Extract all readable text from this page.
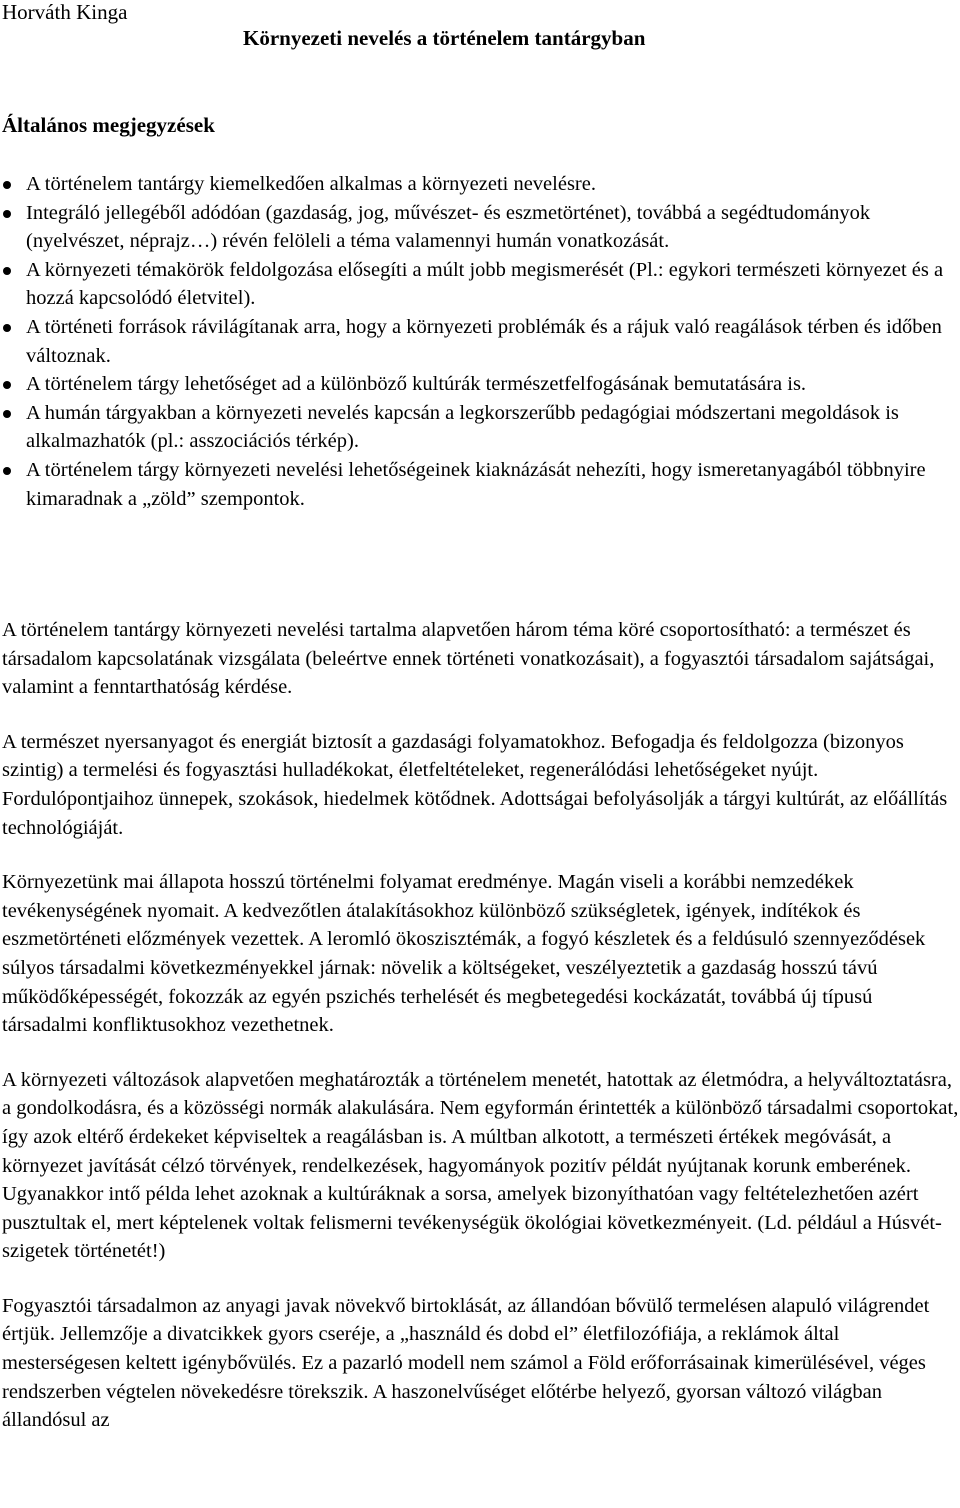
Horváth Kinga
Környezeti nevelés a történelem tantárgyban
Általános megjegyzések
A történelem tantárgy kiemelkedően alkalmas a környezeti nevelésre.
Integráló jellegéből adódóan (gazdaság, jog, művészet- és eszmetörténet), továbbá a segédtudományok (nyelvészet, néprajz…) révén felöleli a téma valamennyi humán vonatkozását.
A környezeti témakörök feldolgozása elősegíti a múlt jobb megismerését (Pl.: egykori természeti környezet és a hozzá kapcsolódó életvitel).
A történeti források rávilágítanak arra, hogy a környezeti problémák és a rájuk való reagálások térben és időben változnak.
A történelem tárgy lehetőséget ad a különböző kultúrák természetfelfogásának bemutatására is.
A humán tárgyakban a környezeti nevelés kapcsán a legkorszerűbb pedagógiai módszertani megoldások is alkalmazhatók (pl.: asszociációs térkép).
A történelem tárgy környezeti nevelési lehetőségeinek kiaknázását nehezíti, hogy ismeretanyagából többnyire kimaradnak a „zöld” szempontok.

A történelem tantárgy környezeti nevelési tartalma alapvetően három téma köré csoportosítható: a természet és társadalom kapcsolatának vizsgálata (beleértve ennek történeti vonatkozásait), a fogyasztói társadalom sajátságai, valamint a fenntarthatóság kérdése.

A természet nyersanyagot és energiát biztosít a gazdasági folyamatokhoz. Befogadja és feldolgozza (bizonyos szintig) a termelési és fogyasztási hulladékokat, életfeltételeket, regenerálódási lehetőségeket nyújt. Fordulópontjaihoz ünnepek, szokások, hiedelmek kötődnek. Adottságai befolyásolják a tárgyi kultúrát, az előállítás technológiáját.

Környezetünk mai állapota hosszú történelmi folyamat eredménye. Magán viseli a korábbi nemzedékek tevékenységének nyomait. A kedvezőtlen átalakításokhoz különböző szükségletek, igények, indítékok és eszmetörténeti előzmények vezettek. A leromló ökoszisztémák, a fogyó készletek és a feldúsuló szennyeződések súlyos társadalmi következményekkel járnak: növelik a költségeket, veszélyeztetik a gazdaság hosszú távú működőképességét, fokozzák az egyén pszichés terhelését és megbetegedési kockázatát, továbbá új típusú társadalmi konfliktusokhoz vezethetnek.

A környezeti változások alapvetően meghatározták a történelem menetét, hatottak az életmódra, a helyváltoztatásra, a gondolkodásra, és a közösségi normák alakulására. Nem egyformán érintették a különböző társadalmi csoportokat, így azok eltérő érdekeket képviseltek a reagálásban is. A múltban alkotott, a természeti értékek megóvását, a környezet javítását célzó törvények, rendelkezések, hagyományok pozitív példát nyújtanak korunk emberének. Ugyanakkor intő példa lehet azoknak a kultúráknak a sorsa, amelyek bizonyíthatóan vagy feltételezhetően azért pusztultak el, mert képtelenek voltak felismerni tevékenységük ökológiai következményeit. (Ld. például a Húsvét-szigetek történetét!)

Fogyasztói társadalmon az anyagi javak növekvő birtoklását, az állandóan bővülő termelésen alapuló világrendet értjük. Jellemzője a divatcikkek gyors cseréje, a „használd és dobd el” életfilozófiája, a reklámok által mesterségesen keltett igénybővülés. Ez a pazarló modell nem számol a Föld erőforrásainak kimerülésével, véges rendszerben végtelen növekedésre törekszik. A haszonelvűséget előtérbe helyező, gyorsan változó világban állandósul az
